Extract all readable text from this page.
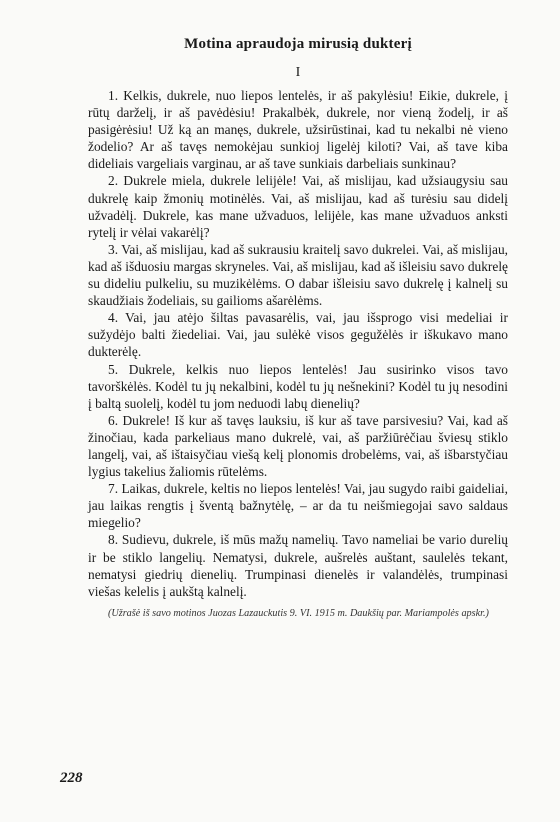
Motina apraudoja mirusią dukterį
I

1. Kelkis, dukrele, nuo liepos lentelės, ir aš pakylėsiu! Eikie, dukrele, į rūtų darželį, ir aš pavėdėsiu! Prakalbėk, dukrele, nor vieną žodelį, ir aš pasigėrėsiu! Už ką an manęs, dukrele, užsirūstinai, kad tu nekalbi nė vieno žodelio? Ar aš tavęs nemokėjau sunkioj ligelėj kiloti? Vai, aš tave kiba dideliais vargeliais varginau, ar aš tave sunkiais darbeliais sunkinau?

2. Dukrele miela, dukrele lelijėle! Vai, aš mislijau, kad užsiaugysiu sau dukrelę kaip žmonių motinėlės. Vai, aš mislijau, kad aš turėsiu sau didelį užvadėlį. Dukrele, kas mane užvaduos, lelijėle, kas mane užvaduos anksti rytelį ir vėlai vakarėlį?

3. Vai, aš mislijau, kad aš sukrausiu kraitelį savo dukrelei. Vai, aš mislijau, kad aš išduosiu margas skryneles. Vai, aš mislijau, kad aš išleisiu savo dukrelę su dideliu pulkeliu, su muzikėlėms. O dabar išleisiu savo dukrelę į kalnelį su skaudžiais žodeliais, su gailioms ašarėlėms.

4. Vai, jau atėjo šiltas pavasarėlis, vai, jau išsprogo visi medeliai ir sužydėjo balti žiedeliai. Vai, jau sulėkė visos gegužėlės ir iškukavo mano dukterėlę.

5. Dukrele, kelkis nuo liepos lentelės! Jau susirinko visos tavo tavorškėlės. Kodėl tu jų nekalbini, kodėl tu jų nešnekini? Kodėl tu jų nesodini į baltą suolelį, kodėl tu jom neduodi labų dienelių?

6. Dukrele! Iš kur aš tavęs lauksiu, iš kur aš tave parsivesiu? Vai, kad aš žinočiau, kada parkeliaus mano dukrelė, vai, aš paržiūrėčiau šviesų stiklo langelį, vai, aš ištaisyčiau viešą kelį plonomis drobelėms, vai, aš išbarstyčiau lygius takelius žaliomis rūtelėms.

7. Laikas, dukrele, keltis no liepos lentelės! Vai, jau sugydo raibi gaideliai, jau laikas rengtis į šventą bažnytėlę, – ar da tu neišmiegojai savo saldaus miegelio?

8. Sudievu, dukrele, iš mūs mažų namelių. Tavo nameliai be vario durelių ir be stiklo langelių. Nematysi, dukrele, aušrelės auštant, saulelės tekant, nematysi giedrių dienelių. Trumpinasi dienelės ir valandėlės, trumpinasi viešas kelelis į aukštą kalnelį.

(Užrašė iš savo motinos Juozas Lazauckutis 9. VI. 1915 m. Daukšių par. Mariampolės apskr.)
228
